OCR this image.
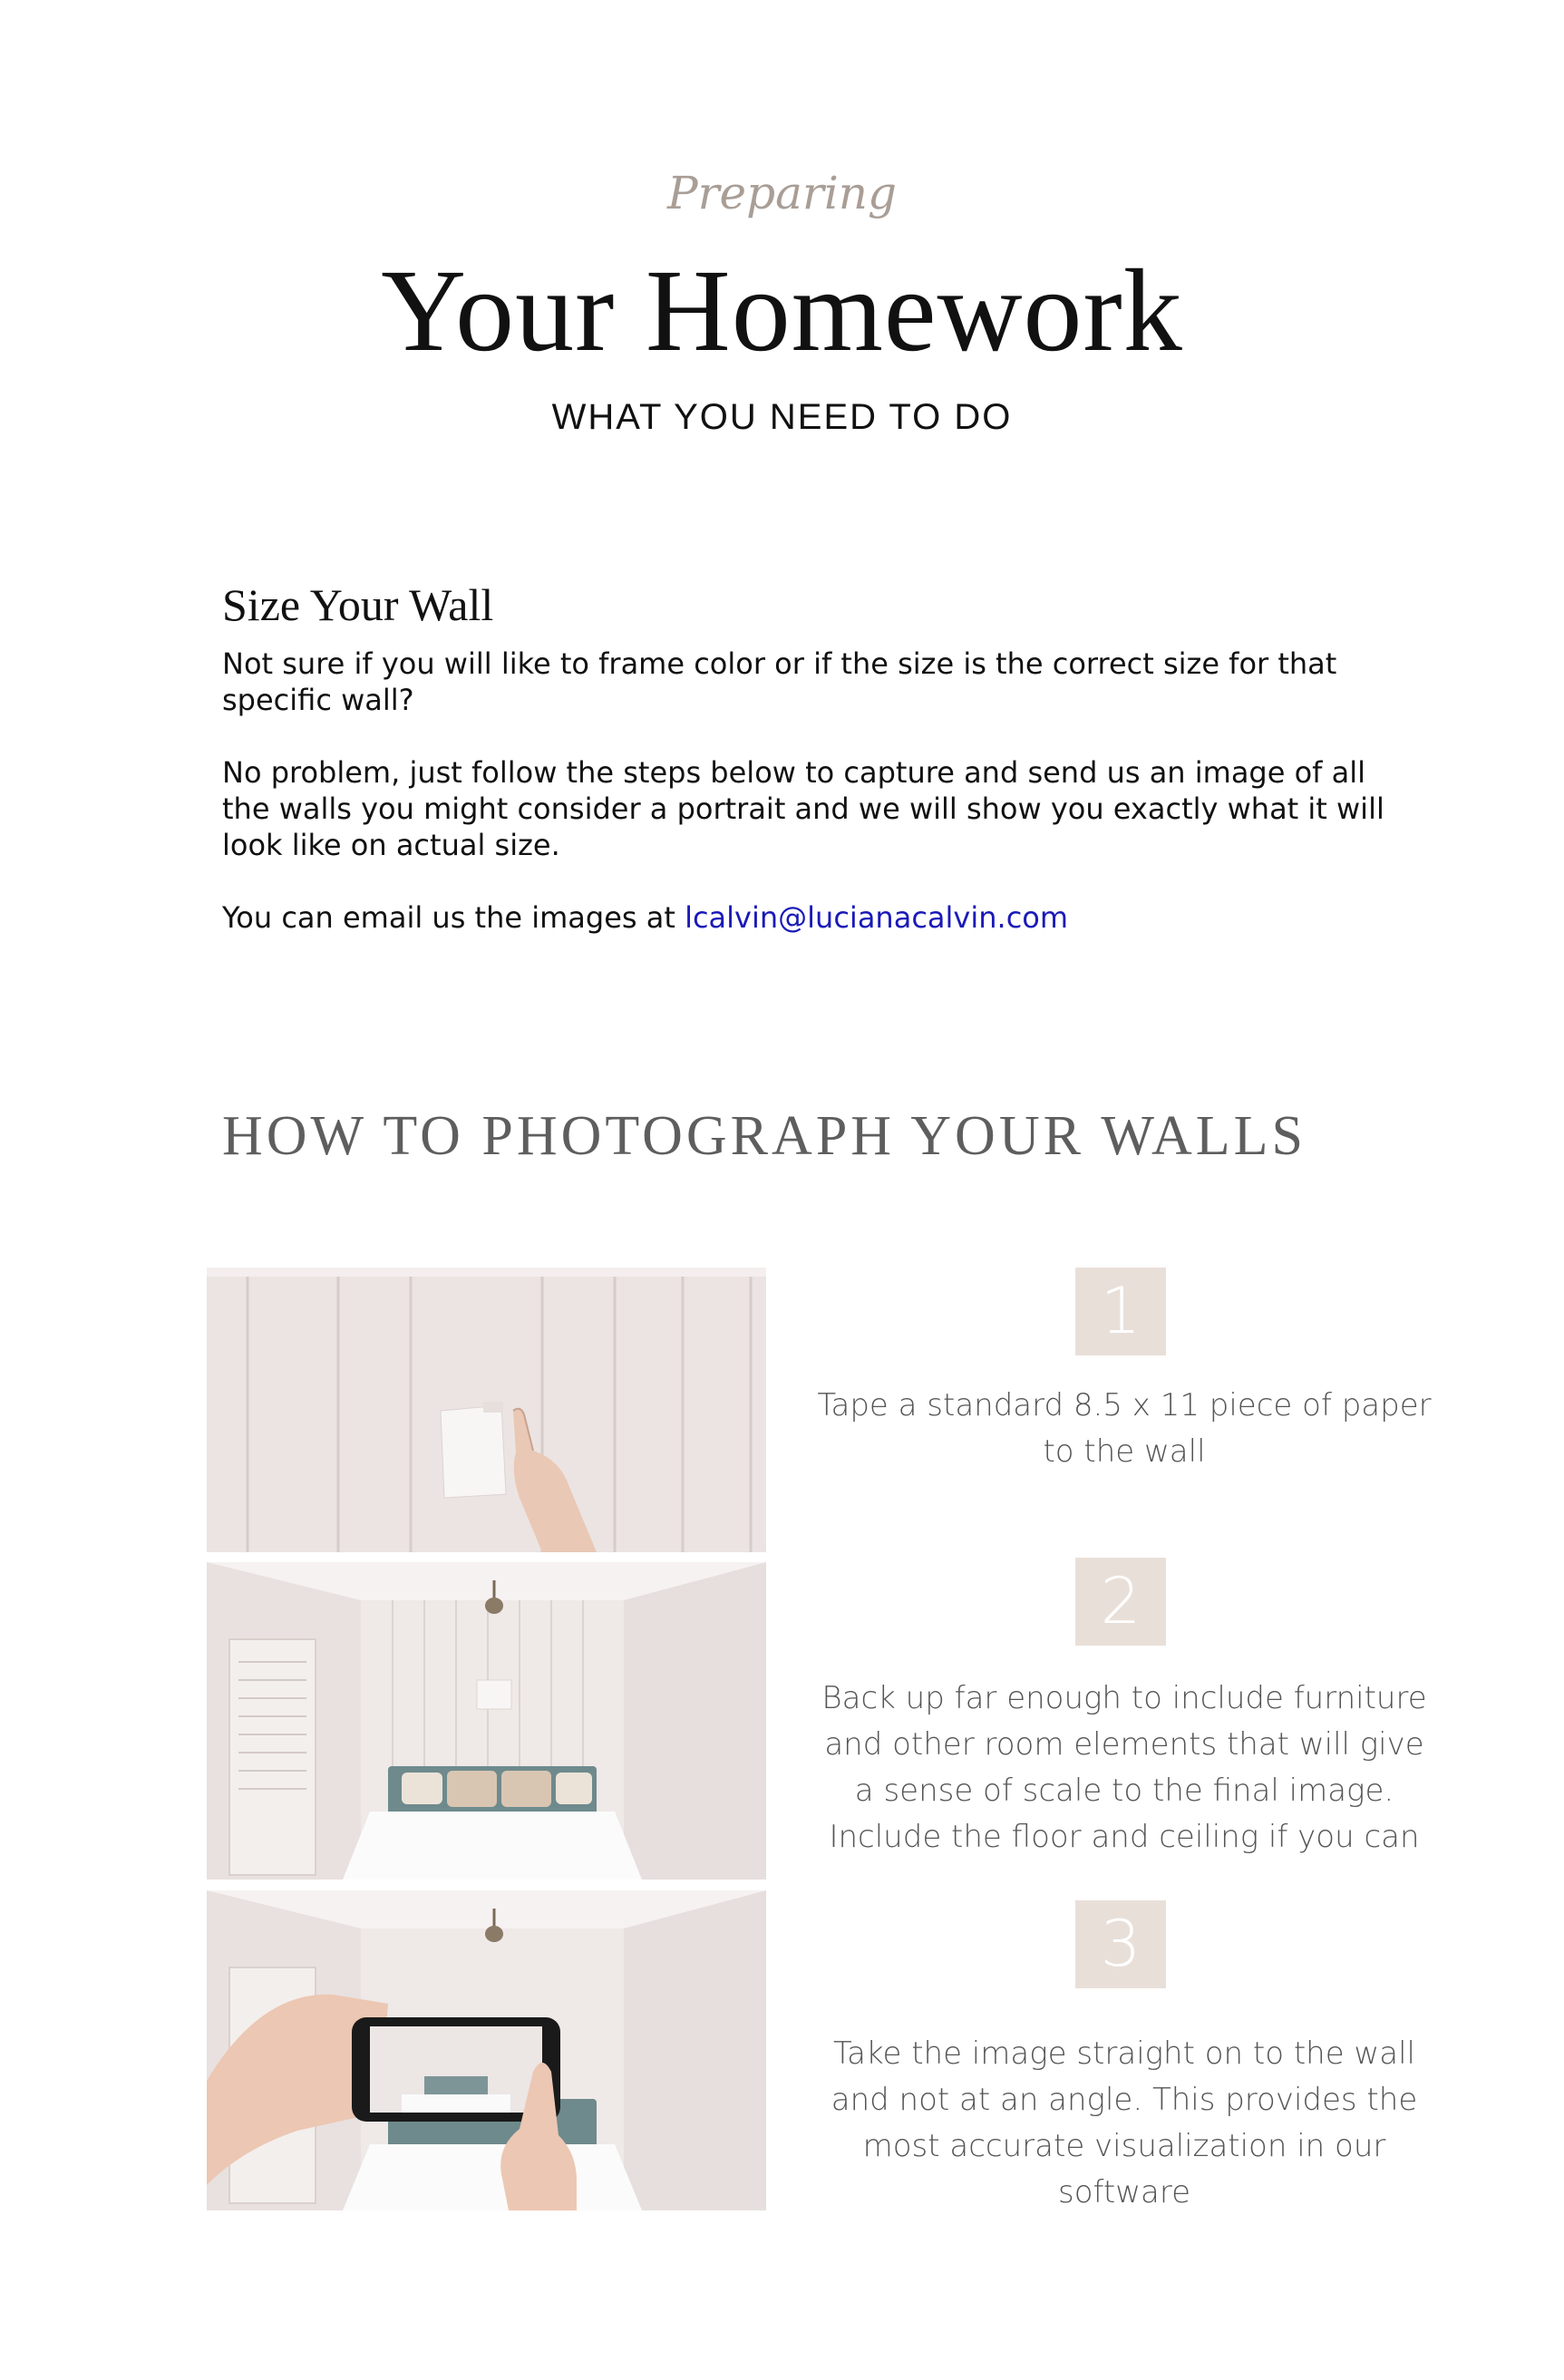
Preparing
Your Homework
WHAT YOU NEED TO DO
Size Your Wall

Not sure if you will like to frame color or if the size is the correct size for that specific wall?

No problem, just follow the steps below to capture and send us an image of all the walls you might consider a portrait and we will show you exactly what it will look like on actual size.

You can email us the images at lcalvin@lucianacalvin.com

HOW TO PHOTOGRAPH YOUR WALLS
1

Tape a standard 8.5 x 11 piece of paper to the wall

2

Back up far enough to include furniture and other room elements that will give a sense of scale to the final image. Include the floor and ceiling if you can

3

Take the image straight on to the wall and not at an angle. This provides the most accurate visualization in our software
